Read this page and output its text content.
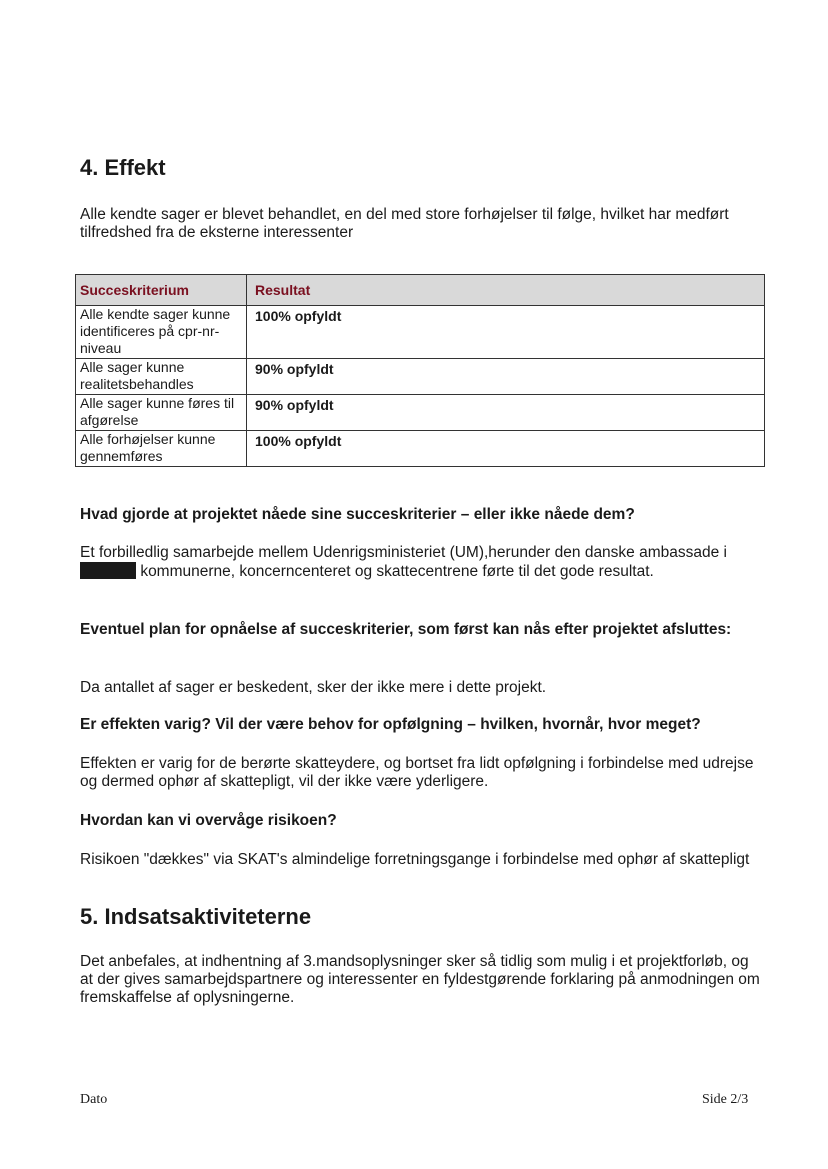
4. Effekt

Alle kendte sager er blevet behandlet, en del med store forhøjelser til følge, hvilket har medført tilfredshed fra de eksterne interessenter

Succeskriterium	Resultat
Alle kendte sager kunne identificeres på cpr-nr-niveau	100% opfyldt
Alle sager kunne realitetsbehandles	90% opfyldt
Alle sager kunne føres til afgørelse	90% opfyldt
Alle forhøjelser kunne gennemføres	100% opfyldt

Hvad gjorde at projektet nåede sine succeskriterier – eller ikke nåede dem?

Et forbilledlig samarbejde mellem Udenrigsministeriet (UM),herunder den danske ambassade i  kommunerne, koncerncenteret og skattecentrene førte til det gode resultat.

Eventuel plan for opnåelse af succeskriterier, som først kan nås efter projektet afsluttes:

Da antallet af sager er beskedent, sker der ikke mere i dette projekt.

Er effekten varig? Vil der være behov for opfølgning – hvilken, hvornår, hvor meget?

Effekten er varig for de berørte skatteydere, og bortset fra lidt opfølgning i forbindelse med udrejse og dermed ophør af skattepligt, vil der ikke være yderligere.

Hvordan kan vi overvåge risikoen?

Risikoen "dækkes" via SKAT's almindelige forretningsgange i forbindelse med ophør af skattepligt

5. Indsatsaktiviteterne

Det anbefales, at indhentning af 3.mandsoplysninger sker så tidlig som mulig i et projektforløb, og at der gives samarbejdspartnere og interessenter en fyldestgørende forklaring på anmodningen om fremskaffelse af oplysningerne.

Dato	Side 2/3
